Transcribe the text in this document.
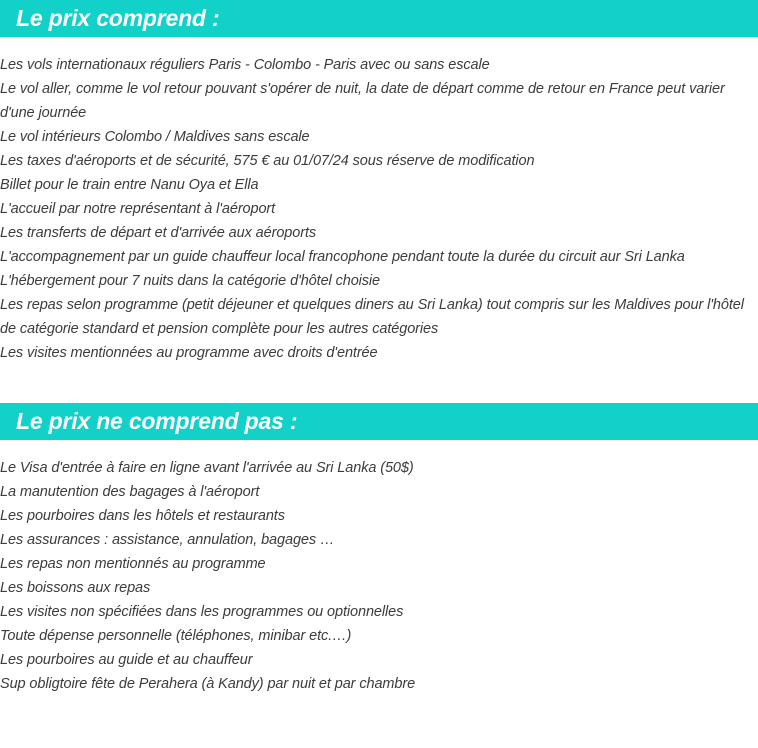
Le prix comprend :
Les vols internationaux réguliers Paris - Colombo - Paris avec ou sans escale
Le vol aller, comme le vol retour pouvant s'opérer de nuit, la date de départ comme de retour en France peut varier d'une journée
Le vol intérieurs Colombo / Maldives sans escale
Les taxes d'aéroports et de sécurité, 575 € au 01/07/24 sous réserve de modification
Billet pour le train entre Nanu Oya et Ella
L'accueil par notre représentant à l'aéroport
Les transferts de départ et d'arrivée aux aéroports
L'accompagnement par un guide chauffeur local francophone pendant toute la durée du circuit aur Sri Lanka
L'hébergement pour 7 nuits dans la catégorie d'hôtel choisie
Les repas selon programme (petit déjeuner et quelques diners au Sri Lanka) tout compris sur les Maldives pour l'hôtel de catégorie standard et pension complète pour les autres catégories
Les visites mentionnées au programme avec droits d'entrée
Le prix ne comprend pas :
Le Visa d'entrée à faire en ligne avant l'arrivée au Sri Lanka (50$)
La manutention des bagages à l'aéroport
Les pourboires dans les hôtels et restaurants
Les assurances : assistance, annulation, bagages …
Les repas non mentionnés au programme
Les boissons aux repas
Les visites non spécifiées dans les programmes ou optionnelles
Toute dépense personnelle (téléphones, minibar etc.…)
Les pourboires au guide et au chauffeur
Sup obligtoire fête de Perahera (à Kandy) par nuit et par chambre
